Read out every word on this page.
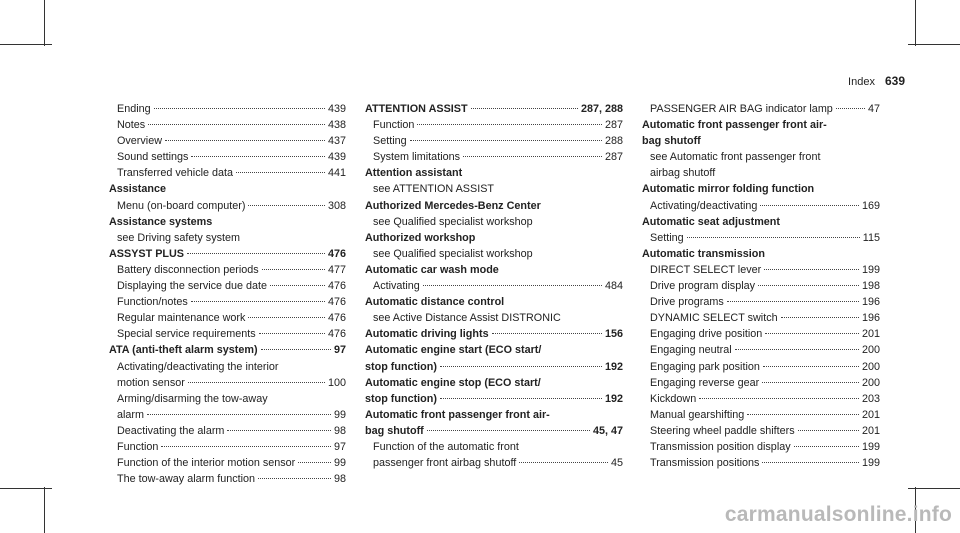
Index 639
Ending	439
Notes	438
Overview	437
Sound settings	439
Transferred vehicle data	441
Assistance
Menu (on-board computer)	308
Assistance systems
see Driving safety system
ASSYST PLUS	476
Battery disconnection periods	477
Displaying the service due date	476
Function/notes	476
Regular maintenance work	476
Special service requirements	476
ATA (anti-theft alarm system)	97
Activating/deactivating the interior
motion sensor	100
Arming/disarming the tow-away
alarm	99
Deactivating the alarm	98
Function	97
Function of the interior motion sensor	99
The tow-away alarm function	98
ATTENTION ASSIST	287, 288
Function	287
Setting	288
System limitations	287
Attention assistant
see ATTENTION ASSIST
Authorized Mercedes-Benz Center
see Qualified specialist workshop
Authorized workshop
see Qualified specialist workshop
Automatic car wash mode
Activating	484
Automatic distance control
see Active Distance Assist DISTRONIC
Automatic driving lights	156
Automatic engine start (ECO start/
stop function)	192
Automatic engine stop (ECO start/
stop function)	192
Automatic front passenger front air-
bag shutoff	45, 47
Function of the automatic front
passenger front airbag shutoff	45
PASSENGER AIR BAG indicator lamp	47
Automatic front passenger front air-
bag shutoff
see Automatic front passenger front
airbag shutoff
Automatic mirror folding function
Activating/deactivating	169
Automatic seat adjustment
Setting	115
Automatic transmission
DIRECT SELECT lever	199
Drive program display	198
Drive programs	196
DYNAMIC SELECT switch	196
Engaging drive position	201
Engaging neutral	200
Engaging park position	200
Engaging reverse gear	200
Kickdown	203
Manual gearshifting	201
Steering wheel paddle shifters	201
Transmission position display	199
Transmission positions	199
carmanualsonline.info
